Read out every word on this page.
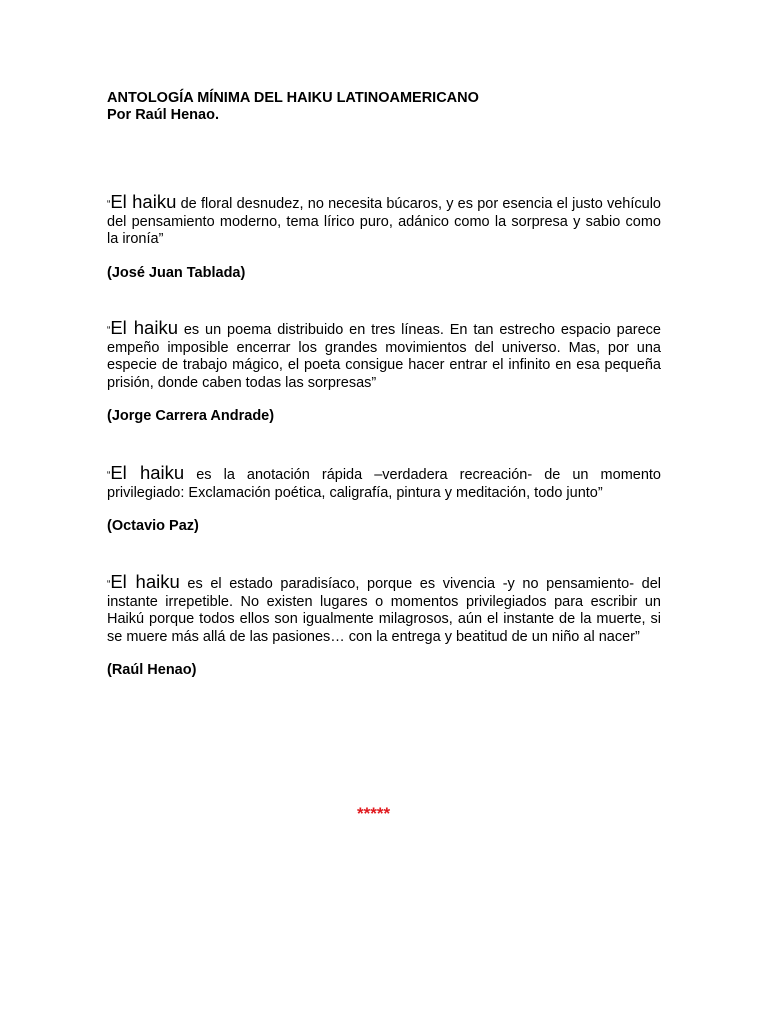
ANTOLOGÍA MÍNIMA DEL HAIKU LATINOAMERICANO
Por Raúl Henao.

“El haiku de floral desnudez, no necesita búcaros, y es por esencia el justo vehículo del pensamiento moderno, tema lírico puro, adánico como la sorpresa y sabio como la ironía”

(José Juan Tablada)

“El haiku es un poema distribuido en tres líneas. En tan estrecho espacio parece empeño imposible encerrar los grandes movimientos del universo. Mas, por una especie de trabajo mágico, el poeta consigue hacer entrar el infinito en esa pequeña prisión, donde caben todas las sorpresas”

(Jorge Carrera Andrade)

“El haiku es la anotación rápida –verdadera recreación- de un momento privilegiado: Exclamación poética, caligrafía, pintura y meditación, todo junto”

(Octavio Paz)

“El haiku es el estado paradisíaco, porque es vivencia -y no pensamiento- del instante irrepetible. No existen lugares o momentos privilegiados para escribir un Haikú porque todos ellos son igualmente milagrosos, aún el instante de la muerte, si se muere más allá de las pasiones… con la entrega y beatitud de un niño al nacer”

(Raúl Henao)
*****
